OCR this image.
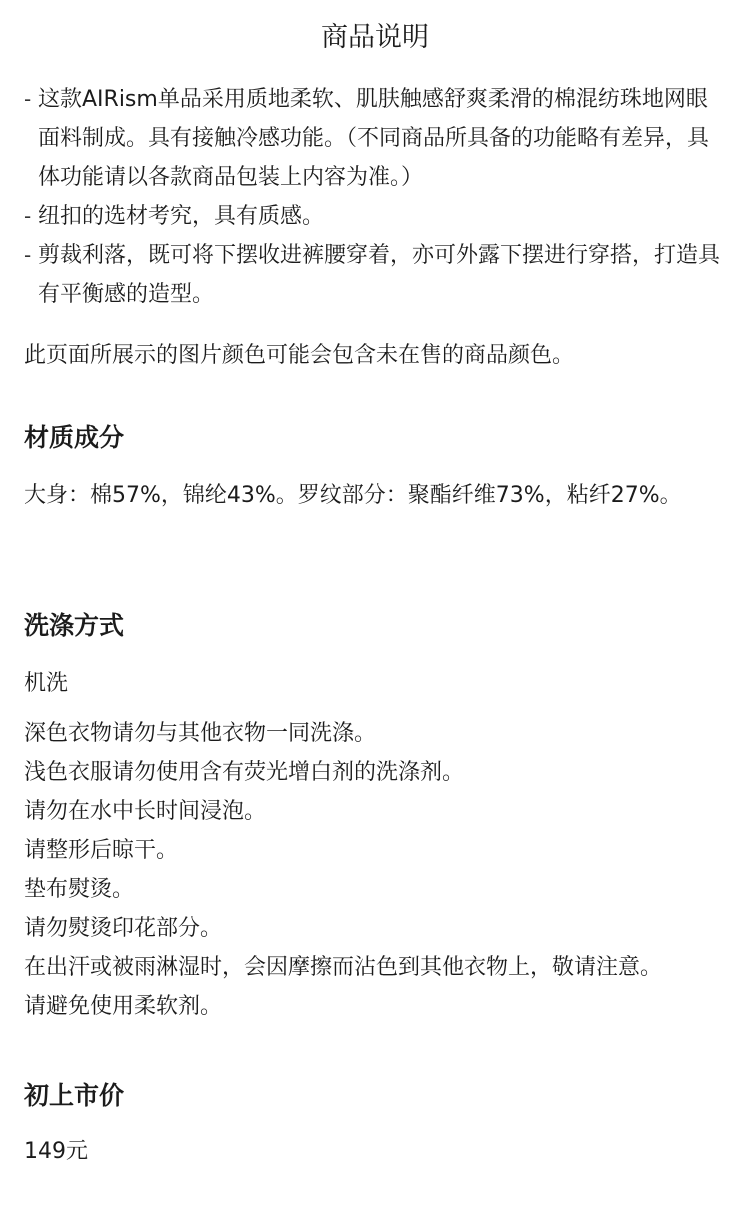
商品说明
- 这款AIRism单品采用质地柔软、肌肤触感舒爽柔滑的棉混纺珠地网眼面料制成。具有接触冷感功能。（不同商品所具备的功能略有差异，具体功能请以各款商品包装上内容为准。）
- 纽扣的选材考究，具有质感。
- 剪裁利落，既可将下摆收进裤腰穿着，亦可外露下摆进行穿搭，打造具有平衡感的造型。

此页面所展示的图片颜色可能会包含未在售的商品颜色。

材质成分

大身：棉57%，锦纶43%。罗纹部分：聚酯纤维73%，粘纤27%。

洗涤方式

机洗

深色衣物请勿与其他衣物一同洗涤。
浅色衣服请勿使用含有荧光增白剂的洗涤剂。
请勿在水中长时间浸泡。
请整形后晾干。
垫布熨烫。
请勿熨烫印花部分。
在出汗或被雨淋湿时，会因摩擦而沾色到其他衣物上，敬请注意。
请避免使用柔软剂。
初上市价

149元
